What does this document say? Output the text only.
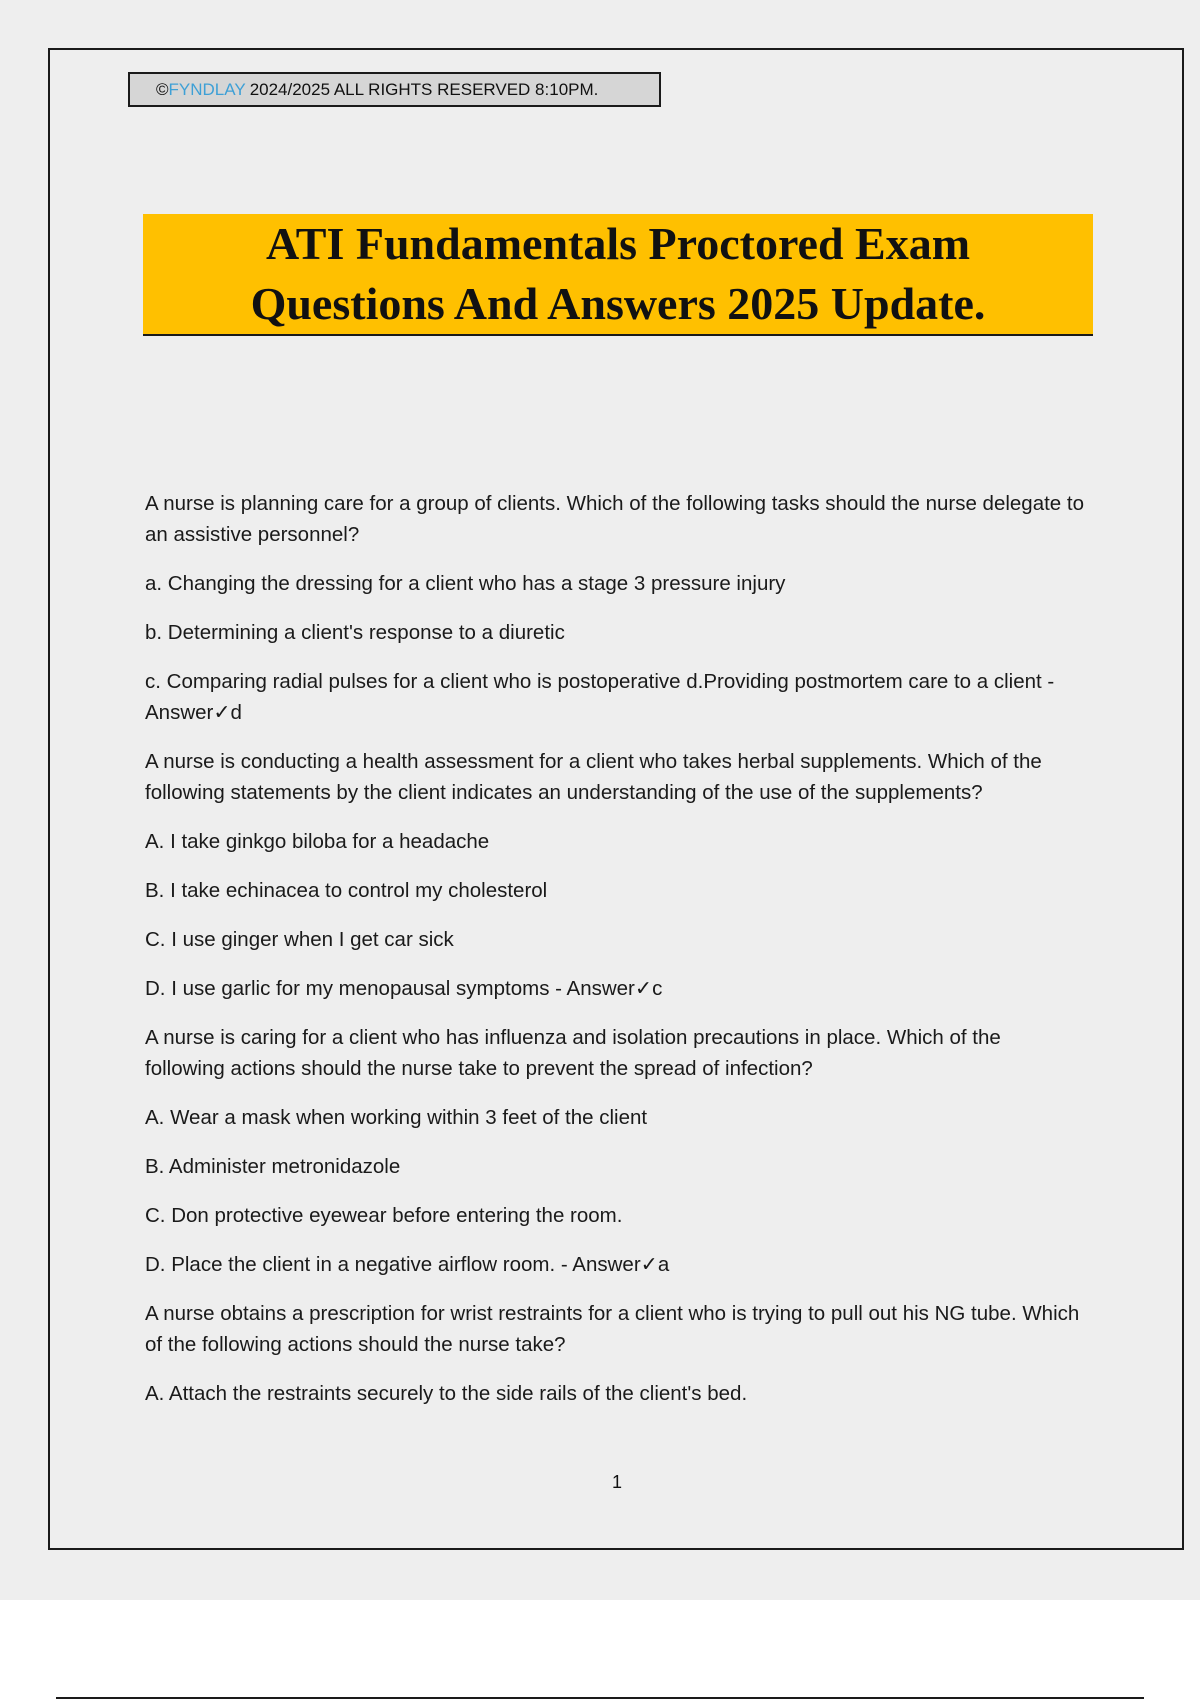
© FYNDLAY 2024/2025 ALL RIGHTS RESERVED 8:10PM.
ATI Fundamentals Proctored Exam
Questions And Answers 2025 Update.

A nurse is planning care for a group of clients. Which of the following tasks should the nurse delegate to an assistive personnel?

a. Changing the dressing for a client who has a stage 3 pressure injury

b. Determining a client's response to a diuretic

c. Comparing radial pulses for a client who is postoperative d.Providing postmortem care to a client - Answer✓d

A nurse is conducting a health assessment for a client who takes herbal supplements. Which of the following statements by the client indicates an understanding of the use of the supplements?

A. I take ginkgo biloba for a headache

B. I take echinacea to control my cholesterol

C. I use ginger when I get car sick

D. I use garlic for my menopausal symptoms - Answer✓c

A nurse is caring for a client who has influenza and isolation precautions in place. Which of the following actions should the nurse take to prevent the spread of infection?

A. Wear a mask when working within 3 feet of the client

B. Administer metronidazole

C. Don protective eyewear before entering the room.

D. Place the client in a negative airflow room. - Answer✓a

A nurse obtains a prescription for wrist restraints for a client who is trying to pull out his NG tube. Which of the following actions should the nurse take?

A. Attach the restraints securely to the side rails of the client's bed.

1
